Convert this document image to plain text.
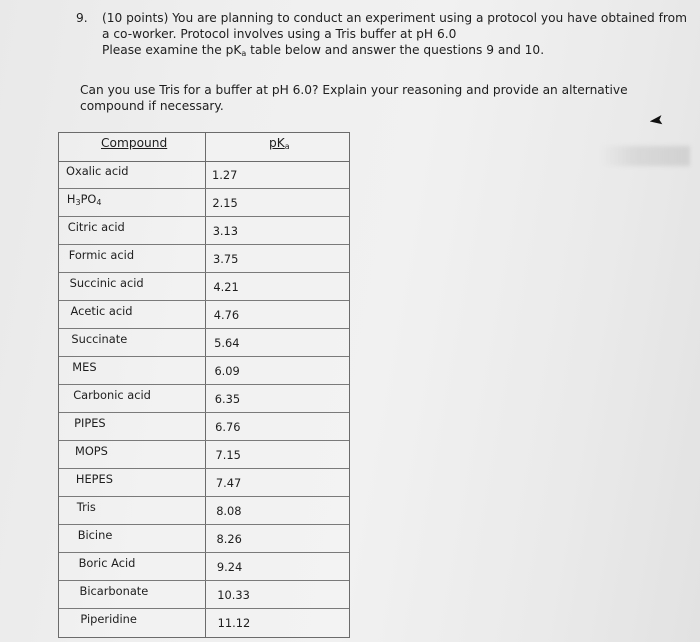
9. (10 points) You are planning to conduct an experiment using a protocol you have obtained from
a co-worker. Protocol involves using a Tris buffer at pH 6.0
Please examine the $pK_a$ table below and answer the questions 9 and 10.
Can you use Tris for a buffer at pH 6.0? Explain your reasoning and provide an alternative compound if necessary.
Compound	$pK_a$
Oxalic acid	1.27
$H_3PO_4$	2.15
Citric acid	3.13
Formic acid	3.75
Succinic acid	4.21
Acetic acid	4.76
Succinate	5.64
MES	6.09
Carbonic acid	6.35
PIPES	6.76
MOPS	7.15
HEPES	7.47
Tris	8.08
Bicine	8.26
Boric Acid	9.24
Bicarbonate	10.33
Piperidine	11.12
